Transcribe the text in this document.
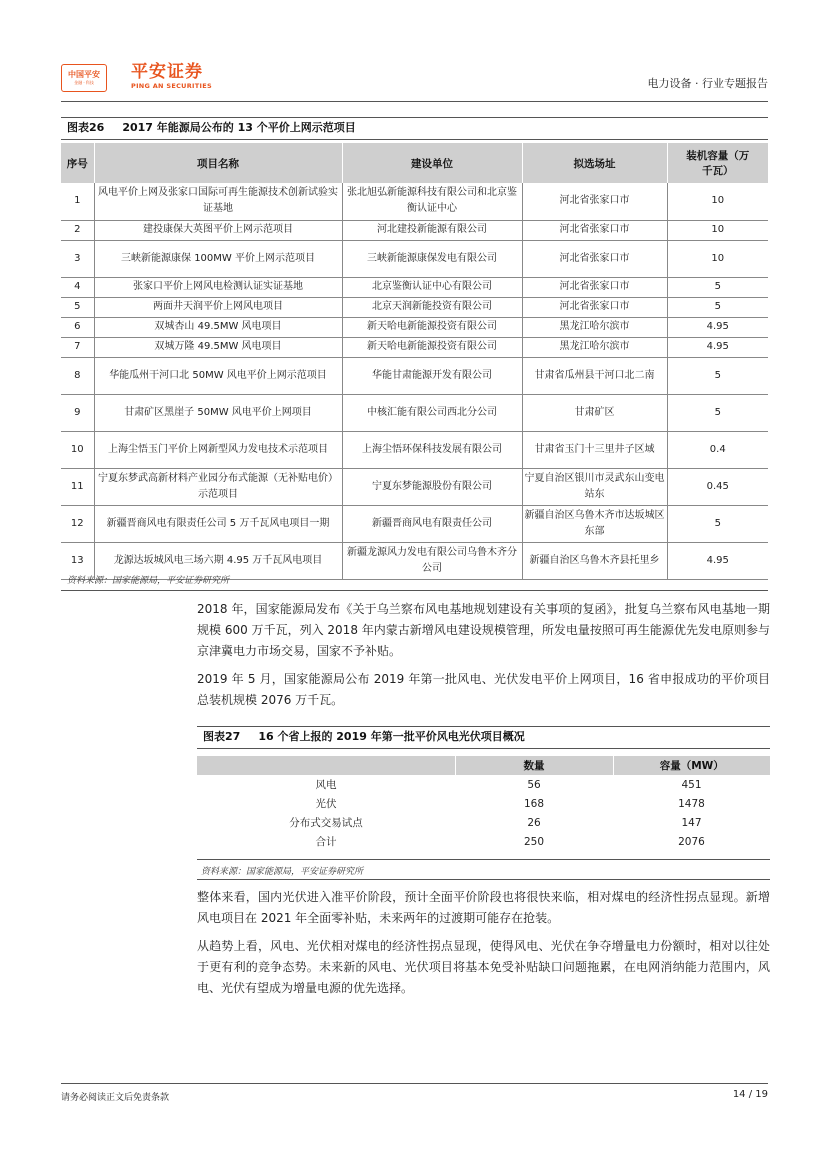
中国平安
金融 · 科技
平安证券
PING AN SECURITIES	电力设备 · 行业专题报告
图表26 2017 年能源局公布的 13 个平价上网示范项目
序号	项目名称	建设单位	拟选场址	装机容量（万千瓦）
1	风电平价上网及张家口国际可再生能源技术创新试验实证基地	张北旭弘新能源科技有限公司和北京鉴衡认证中心	河北省张家口市	10
2	建投康保大英图平价上网示范项目	河北建投新能源有限公司	河北省张家口市	10
3	三峡新能源康保 100MW 平价上网示范项目	三峡新能源康保发电有限公司	河北省张家口市	10
4	张家口平价上网风电检测认证实证基地	北京鉴衡认证中心有限公司	河北省张家口市	5
5	两面井天润平价上网风电项目	北京天润新能投资有限公司	河北省张家口市	5
6	双城杏山 49.5MW 风电项目	新天哈电新能源投资有限公司	黑龙江哈尔滨市	4.95
7	双城万隆 49.5MW 风电项目	新天哈电新能源投资有限公司	黑龙江哈尔滨市	4.95
8	华能瓜州干河口北 50MW 风电平价上网示范项目	华能甘肃能源开发有限公司	甘肃省瓜州县干河口北二南	5
9	甘肃矿区黑崖子 50MW 风电平价上网项目	中核汇能有限公司西北分公司	甘肃矿区	5
10	上海尘悟玉门平价上网新型风力发电技术示范项目	上海尘悟环保科技发展有限公司	甘肃省玉门十三里井子区域	0.4
11	宁夏东梦武高新材料产业园分布式能源（无补贴电价）示范项目	宁夏东梦能源股份有限公司	宁夏自治区银川市灵武东山变电站东	0.45
12	新疆晋商风电有限责任公司 5 万千瓦风电项目一期	新疆晋商风电有限责任公司	新疆自治区乌鲁木齐市达坂城区东部	5
13	龙源达坂城风电三场六期 4.95 万千瓦风电项目	新疆龙源风力发电有限公司乌鲁木齐分公司	新疆自治区乌鲁木齐县托里乡	4.95
资料来源：国家能源局，平安证券研究所
2018 年，国家能源局发布《关于乌兰察布风电基地规划建设有关事项的复函》，批复乌兰察布风电基地一期规模 600 万千瓦，列入 2018 年内蒙古新增风电建设规模管理，所发电量按照可再生能源优先发电原则参与京津冀电力市场交易，国家不予补贴。
2019 年 5 月，国家能源局公布 2019 年第一批风电、光伏发电平价上网项目，16 省申报成功的平价项目总装机规模 2076 万千瓦。
图表27 16 个省上报的 2019 年第一批平价风电光伏项目概况
	数量	容量（MW）
风电	56	451
光伏	168	1478
分布式交易试点	26	147
合计	250	2076
资料来源：国家能源局，平安证券研究所
整体来看，国内光伏进入准平价阶段，预计全面平价阶段也将很快来临，相对煤电的经济性拐点显现。新增风电项目在 2021 年全面零补贴，未来两年的过渡期可能存在抢装。
从趋势上看，风电、光伏相对煤电的经济性拐点显现，使得风电、光伏在争夺增量电力份额时，相对以往处于更有利的竞争态势。未来新的风电、光伏项目将基本免受补贴缺口问题拖累，在电网消纳能力范围内，风电、光伏有望成为增量电源的优先选择。
请务必阅读正文后免责条款	14 / 19
